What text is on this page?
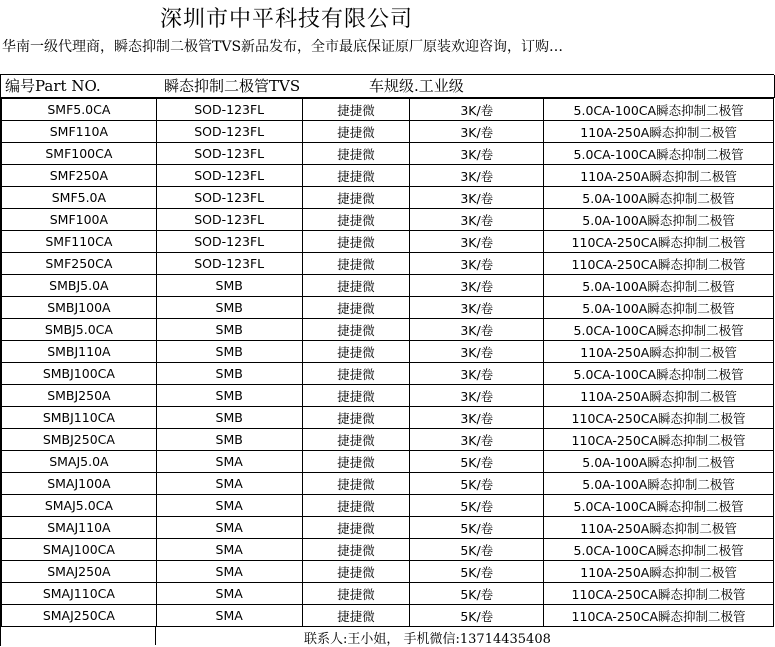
深圳市中平科技有限公司
华南一级代理商，瞬态抑制二极管TVS新品发布，全市最底保证原厂原装欢迎咨询，订购…
编号Part NO.	瞬态抑制二极管TVS	车规级.工业级
SMF5.0CA	SOD-123FL	捷捷微	3K/卷	5.0CA-100CA瞬态抑制二极管
SMF110A	SOD-123FL	捷捷微	3K/卷	110A-250A瞬态抑制二极管
SMF100CA	SOD-123FL	捷捷微	3K/卷	5.0CA-100CA瞬态抑制二极管
SMF250A	SOD-123FL	捷捷微	3K/卷	110A-250A瞬态抑制二极管
SMF5.0A	SOD-123FL	捷捷微	3K/卷	5.0A-100A瞬态抑制二极管
SMF100A	SOD-123FL	捷捷微	3K/卷	5.0A-100A瞬态抑制二极管
SMF110CA	SOD-123FL	捷捷微	3K/卷	110CA-250CA瞬态抑制二极管
SMF250CA	SOD-123FL	捷捷微	3K/卷	110CA-250CA瞬态抑制二极管
SMBJ5.0A	SMB	捷捷微	3K/卷	5.0A-100A瞬态抑制二极管
SMBJ100A	SMB	捷捷微	3K/卷	5.0A-100A瞬态抑制二极管
SMBJ5.0CA	SMB	捷捷微	3K/卷	5.0CA-100CA瞬态抑制二极管
SMBJ110A	SMB	捷捷微	3K/卷	110A-250A瞬态抑制二极管
SMBJ100CA	SMB	捷捷微	3K/卷	5.0CA-100CA瞬态抑制二极管
SMBJ250A	SMB	捷捷微	3K/卷	110A-250A瞬态抑制二极管
SMBJ110CA	SMB	捷捷微	3K/卷	110CA-250CA瞬态抑制二极管
SMBJ250CA	SMB	捷捷微	3K/卷	110CA-250CA瞬态抑制二极管
SMAJ5.0A	SMA	捷捷微	5K/卷	5.0A-100A瞬态抑制二极管
SMAJ100A	SMA	捷捷微	5K/卷	5.0A-100A瞬态抑制二极管
SMAJ5.0CA	SMA	捷捷微	5K/卷	5.0CA-100CA瞬态抑制二极管
SMAJ110A	SMA	捷捷微	5K/卷	110A-250A瞬态抑制二极管
SMAJ100CA	SMA	捷捷微	5K/卷	5.0CA-100CA瞬态抑制二极管
SMAJ250A	SMA	捷捷微	5K/卷	110A-250A瞬态抑制二极管
SMAJ110CA	SMA	捷捷微	5K/卷	110CA-250CA瞬态抑制二极管
SMAJ250CA	SMA	捷捷微	5K/卷	110CA-250CA瞬态抑制二极管
联系人:王小姐， 手机微信:13714435408
